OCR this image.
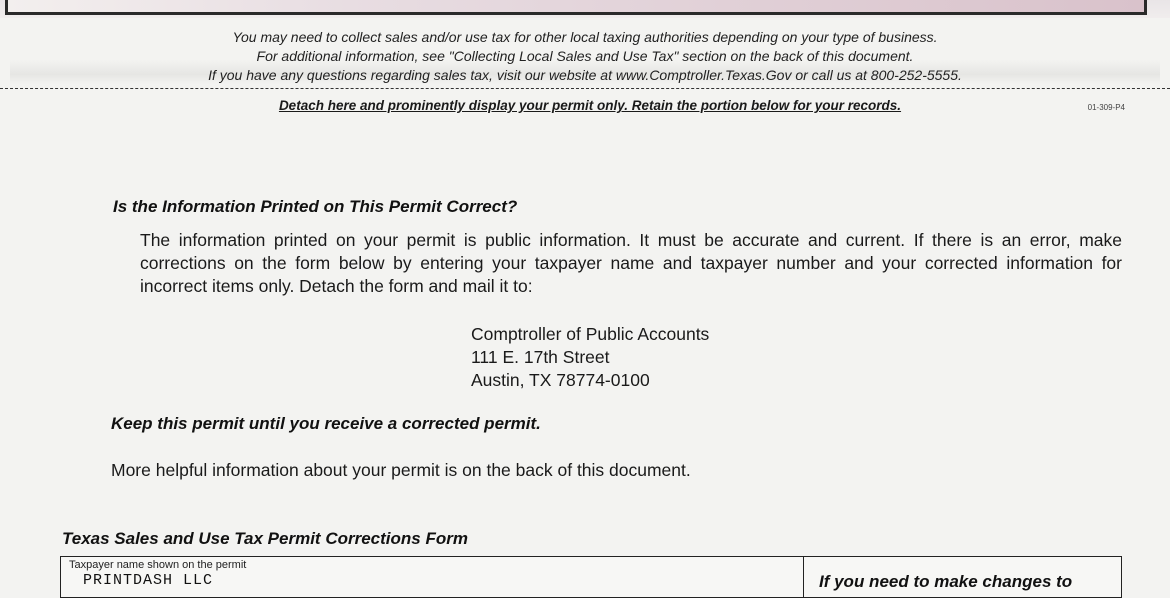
You may need to collect sales and/or use tax for other local taxing authorities depending on your type of business.
For additional information, see "Collecting Local Sales and Use Tax" section on the back of this document.
If you have any questions regarding sales tax, visit our website at www.Comptroller.Texas.Gov or call us at 800-252-5555.
Detach here and prominently display your permit only. Retain the portion below for your records.	01-309-P4
Is the Information Printed on This Permit Correct?
The information printed on your permit is public information. It must be accurate and current. If there is an error, make corrections on the form below by entering your taxpayer name and taxpayer number and your corrected information for incorrect items only. Detach the form and mail it to:
Comptroller of Public Accounts
111 E. 17th Street
Austin, TX 78774-0100
Keep this permit until you receive a corrected permit.
More helpful information about your permit is on the back of this document.
Texas Sales and Use Tax Permit Corrections Form
Taxpayer name shown on the permit
PRINTDASH LLC	If you need to make changes to
